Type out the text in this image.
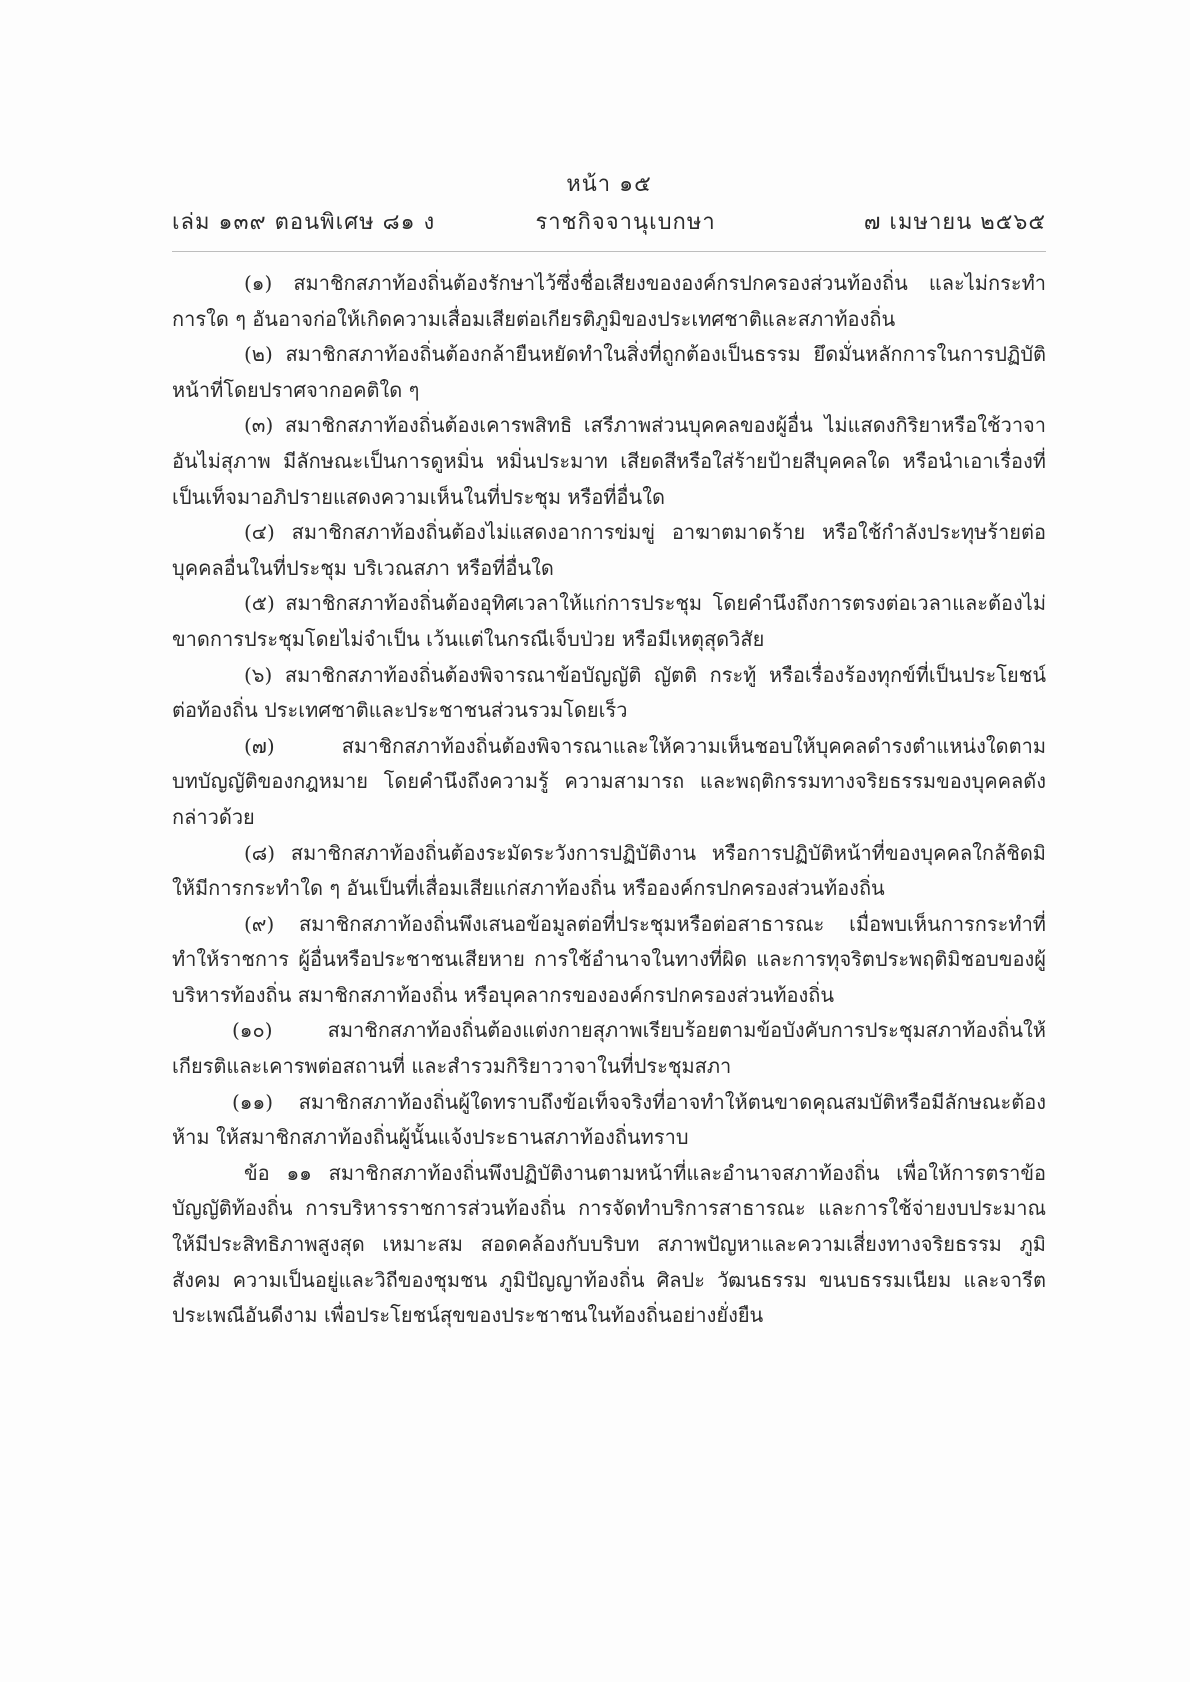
หน้า ๑๕
เล่ม ๑๓๙ ตอนพิเศษ ๘๑ ง	ราชกิจจานุเบกษา	๗ เมษายน ๒๕๖๕

(๑) สมาชิกสภาท้องถิ่นต้องรักษาไว้ซึ่งชื่อเสียงขององค์กรปกครองส่วนท้องถิ่น และไม่กระทำการใด ๆ อันอาจก่อให้เกิดความเสื่อมเสียต่อเกียรติภูมิของประเทศชาติและสภาท้องถิ่น

(๒) สมาชิกสภาท้องถิ่นต้องกล้ายืนหยัดทำในสิ่งที่ถูกต้องเป็นธรรม ยึดมั่นหลักการในการปฏิบัติหน้าที่โดยปราศจากอคติใด ๆ

(๓) สมาชิกสภาท้องถิ่นต้องเคารพสิทธิ เสรีภาพส่วนบุคคลของผู้อื่น ไม่แสดงกิริยาหรือใช้วาจาอันไม่สุภาพ มีลักษณะเป็นการดูหมิ่น หมิ่นประมาท เสียดสีหรือใส่ร้ายป้ายสีบุคคลใด หรือนำเอาเรื่องที่เป็นเท็จมาอภิปรายแสดงความเห็นในที่ประชุม หรือที่อื่นใด

(๔) สมาชิกสภาท้องถิ่นต้องไม่แสดงอาการข่มขู่ อาฆาตมาดร้าย หรือใช้กำลังประทุษร้ายต่อบุคคลอื่นในที่ประชุม บริเวณสภา หรือที่อื่นใด

(๕) สมาชิกสภาท้องถิ่นต้องอุทิศเวลาให้แก่การประชุม โดยคำนึงถึงการตรงต่อเวลาและต้องไม่ขาดการประชุมโดยไม่จำเป็น เว้นแต่ในกรณีเจ็บป่วย หรือมีเหตุสุดวิสัย

(๖) สมาชิกสภาท้องถิ่นต้องพิจารณาข้อบัญญัติ ญัตติ กระทู้ หรือเรื่องร้องทุกข์ที่เป็นประโยชน์ต่อท้องถิ่น ประเทศชาติและประชาชนส่วนรวมโดยเร็ว

(๗) สมาชิกสภาท้องถิ่นต้องพิจารณาและให้ความเห็นชอบให้บุคคลดำรงตำแหน่งใดตามบทบัญญัติของกฎหมาย โดยคำนึงถึงความรู้ ความสามารถ และพฤติกรรมทางจริยธรรมของบุคคลดังกล่าวด้วย

(๘) สมาชิกสภาท้องถิ่นต้องระมัดระวังการปฏิบัติงาน หรือการปฏิบัติหน้าที่ของบุคคลใกล้ชิดมิให้มีการกระทำใด ๆ อันเป็นที่เสื่อมเสียแก่สภาท้องถิ่น หรือองค์กรปกครองส่วนท้องถิ่น

(๙) สมาชิกสภาท้องถิ่นพึงเสนอข้อมูลต่อที่ประชุมหรือต่อสาธารณะ เมื่อพบเห็นการกระทำที่ทำให้ราชการ ผู้อื่นหรือประชาชนเสียหาย การใช้อำนาจในทางที่ผิด และการทุจริตประพฤติมิชอบของผู้บริหารท้องถิ่น สมาชิกสภาท้องถิ่น หรือบุคลากรขององค์กรปกครองส่วนท้องถิ่น

(๑๐) สมาชิกสภาท้องถิ่นต้องแต่งกายสุภาพเรียบร้อยตามข้อบังคับการประชุมสภาท้องถิ่นให้เกียรติและเคารพต่อสถานที่ และสำรวมกิริยาวาจาในที่ประชุมสภา

(๑๑) สมาชิกสภาท้องถิ่นผู้ใดทราบถึงข้อเท็จจริงที่อาจทำให้ตนขาดคุณสมบัติหรือมีลักษณะต้องห้าม ให้สมาชิกสภาท้องถิ่นผู้นั้นแจ้งประธานสภาท้องถิ่นทราบ

ข้อ ๑๑ สมาชิกสภาท้องถิ่นพึงปฏิบัติงานตามหน้าที่และอำนาจสภาท้องถิ่น เพื่อให้การตราข้อบัญญัติท้องถิ่น การบริหารราชการส่วนท้องถิ่น การจัดทำบริการสาธารณะ และการใช้จ่ายงบประมาณให้มีประสิทธิภาพสูงสุด เหมาะสม สอดคล้องกับบริบท สภาพปัญหาและความเสี่ยงทางจริยธรรม ภูมิสังคม ความเป็นอยู่และวิถีของชุมชน ภูมิปัญญาท้องถิ่น ศิลปะ วัฒนธรรม ขนบธรรมเนียม และจารีตประเพณีอันดีงาม เพื่อประโยชน์สุขของประชาชนในท้องถิ่นอย่างยั่งยืน
